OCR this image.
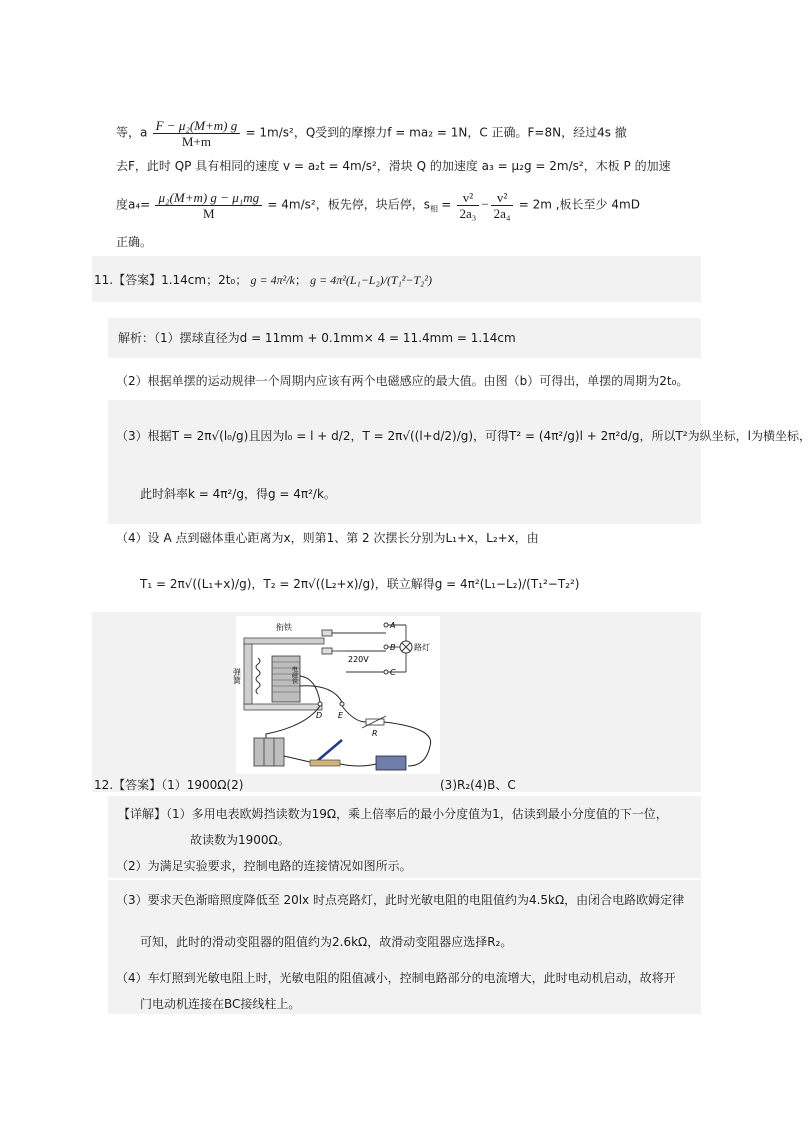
等，a $\frac{\text{F − μ₂(M+m) g}}{M+m} = 1m/s^2$，Q受到的摩擦力f = ma₂ = 1N，C 正确。F=8N，经过4s 撤
去F，此时 QP 具有相同的速度 v = a₂t = 4m/s²，滑块 Q 的加速度 a₃ = μ₂g = 2m/s²，木板 P 的加速
度$a_4= \frac{\text{μ₂(M+m) g − μ₁mg}}{M} = 4m/s^2$，板先停，块后停，$s_相 = \frac{\text{v²}}{\text{2a₃}} - \frac{\text{v²}}{\text{2a₄}} = 2m$ ,板长至少 4mD
正确。
11.【答案】1.14cm；2t₀； g = 4π²/k； g = 4π²(L₁−L₂)/(T₁²−T₂²)
解析：（1）摆球直径为d = 11mm + 0.1mm× 4 = 11.4mm = 1.14cm
（2）根据单摆的运动规律一个周期内应该有两个电磁感应的最大值。由图（b）可得出，单摆的周期为2t₀。
（3）根据T = 2π√(l₀/g)且因为l₀ = l + d/2，T = 2π√((l+d/2)/g)，可得T² = (4π²/g)l + 2π²d/g，所以T²为纵坐标，l为横坐标，
此时斜率k = 4π²/g，得g = 4π²/k。
（4）设 A 点到磁体重心距离为x，则第1、第 2 次摆长分别为L₁+x，L₂+x，由
T₁ = 2π√((L₁+x)/g)，T₂ = 2π√((L₂+x)/g)，联立解得g = 4π²(L₁−L₂)/(T₁²−T₂²)
衔铁
弹簧	电磁铁
220V
路灯
A
B
C
D E
R
12.【答案】（1）1900Ω(2)	(3)R₂(4)B、C
【详解】（1）多用电表欧姆挡读数为19Ω，乘上倍率后的最小分度值为1，估读到最小分度值的下一位，
故读数为1900Ω。
（2）为满足实验要求，控制电路的连接情况如图所示。
（3）要求天色渐暗照度降低至 20lx 时点亮路灯，此时光敏电阻的电阻值约为4.5kΩ，由闭合电路欧姆定律
可知，此时的滑动变阻器的阻值约为2.6kΩ，故滑动变阻器应选择R₂。
（4）车灯照到光敏电阻上时，光敏电阻的阻值减小，控制电路部分的电流增大，此时电动机启动，故将开
门电动机连接在BC接线柱上。
